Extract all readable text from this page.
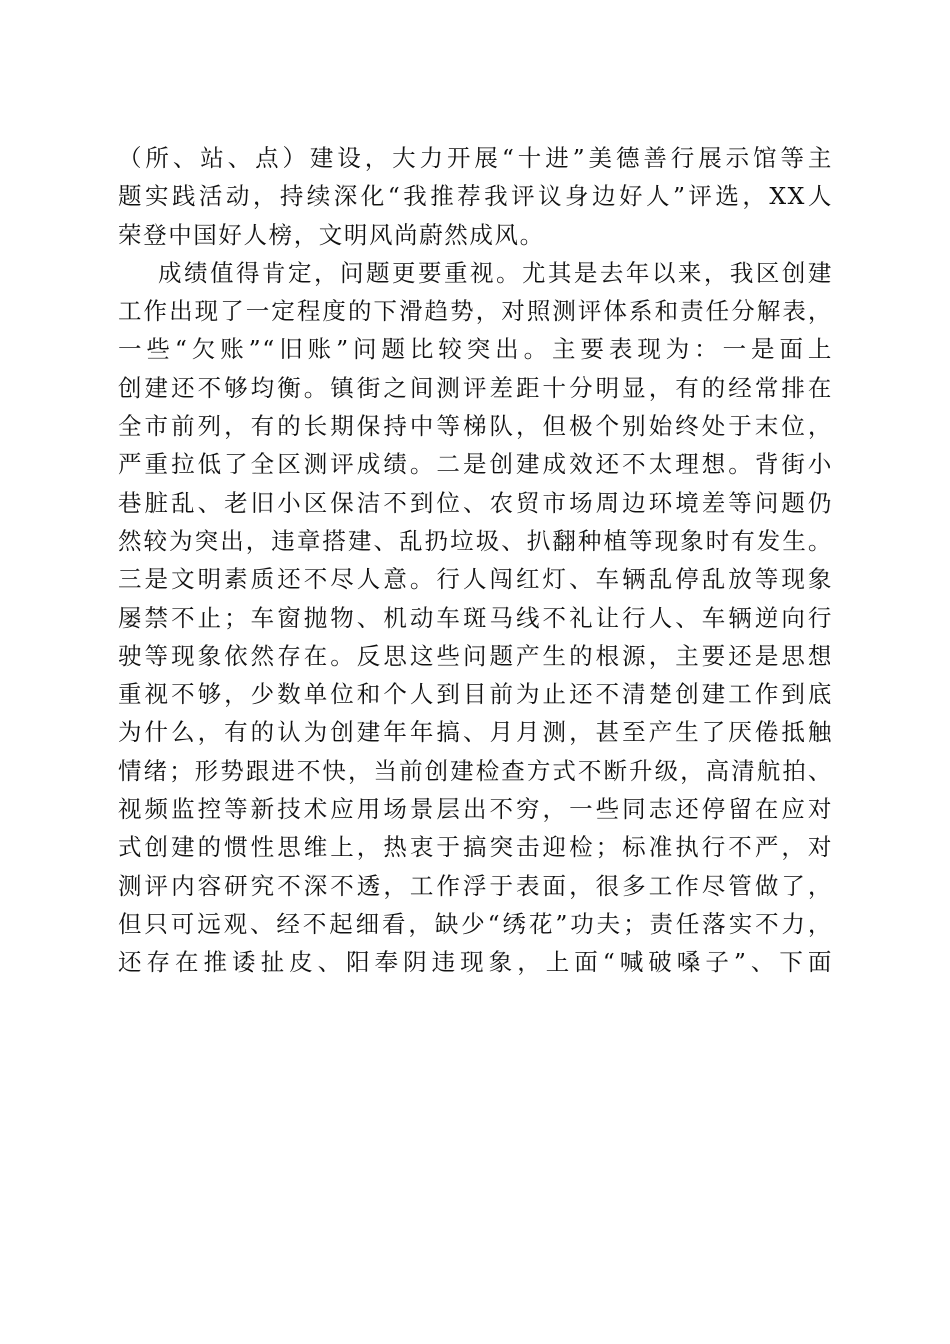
（所、站、点）建设，大力开展“十进”美德善行展示馆等主
题实践活动，持续深化“我推荐我评议身边好人”评选，XX人
荣登中国好人榜，文明风尚蔚然成风。
成绩值得肯定，问题更要重视。尤其是去年以来，我区创建
工作出现了一定程度的下滑趋势，对照测评体系和责任分解表，
一些“欠账”“旧账”问题比较突出。主要表现为：一是面上
创建还不够均衡。镇街之间测评差距十分明显，有的经常排在
全市前列，有的长期保持中等梯队，但极个别始终处于末位，
严重拉低了全区测评成绩。二是创建成效还不太理想。背街小
巷脏乱、老旧小区保洁不到位、农贸市场周边环境差等问题仍
然较为突出，违章搭建、乱扔垃圾、扒翻种植等现象时有发生。
三是文明素质还不尽人意。行人闯红灯、车辆乱停乱放等现象
屡禁不止；车窗抛物、机动车斑马线不礼让行人、车辆逆向行
驶等现象依然存在。反思这些问题产生的根源，主要还是思想
重视不够，少数单位和个人到目前为止还不清楚创建工作到底
为什么，有的认为创建年年搞、月月测，甚至产生了厌倦抵触
情绪；形势跟进不快，当前创建检查方式不断升级，高清航拍、
视频监控等新技术应用场景层出不穷，一些同志还停留在应对
式创建的惯性思维上，热衷于搞突击迎检；标准执行不严，对
测评内容研究不深不透，工作浮于表面，很多工作尽管做了，
但只可远观、经不起细看，缺少“绣花”功夫；责任落实不力，
还存在推诿扯皮、阳奉阴违现象，上面“喊破嗓子”、下面
